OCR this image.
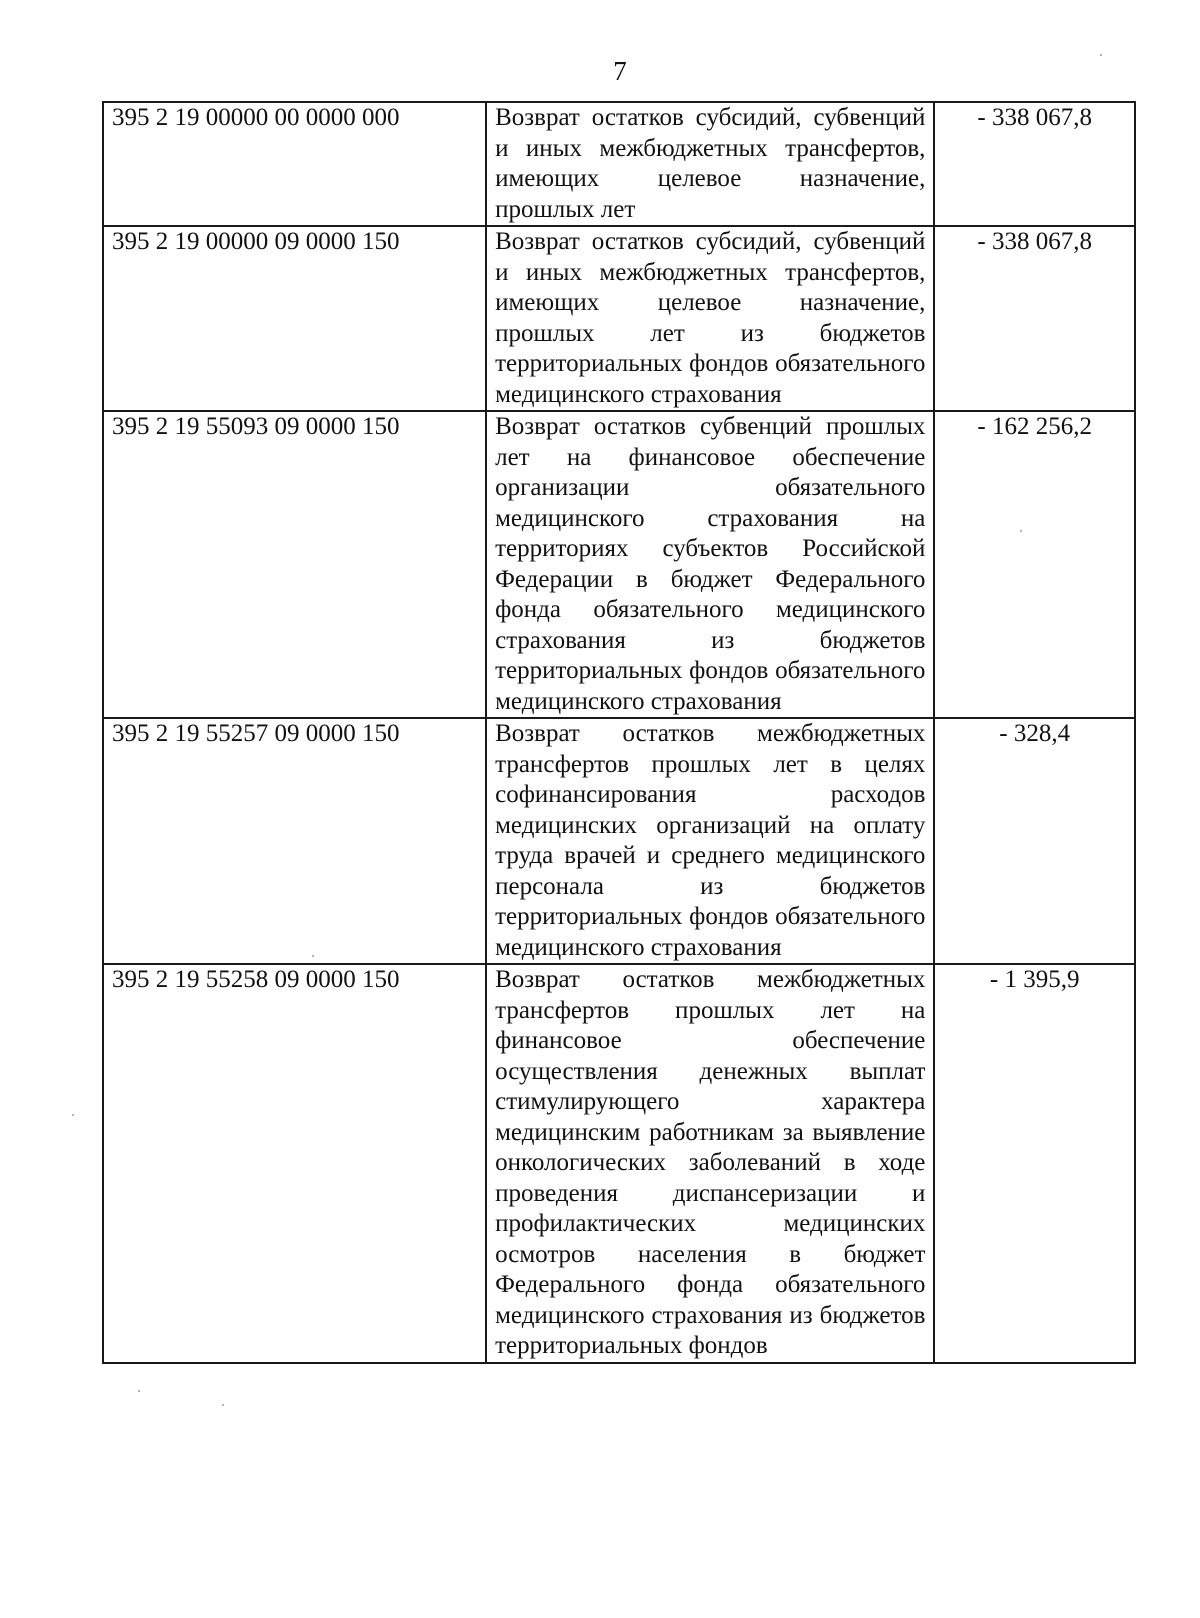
7
395 2 19 00000 00 0000 000	Возврат остатков субсидий, субвенций и иных межбюджетных трансфертов, имеющих целевое назначение, прошлых лет	- 338 067,8
395 2 19 00000 09 0000 150	Возврат остатков субсидий, субвенций и иных межбюджетных трансфертов, имеющих целевое назначение, прошлых лет из бюджетов территориальных фондов обязательного медицинского страхования	- 338 067,8
395 2 19 55093 09 0000 150	Возврат остатков субвенций прошлых лет на финансовое обеспечение организации обязательного медицинского страхования на территориях субъектов Российской Федерации в бюджет Федерального фонда обязательного медицинского страхования из бюджетов территориальных фондов обязательного медицинского страхования	- 162 256,2
395 2 19 55257 09 0000 150	Возврат остатков межбюджетных трансфертов прошлых лет в целях софинансирования расходов медицинских организаций на оплату труда врачей и среднего медицинского персонала из бюджетов территориальных фондов обязательного медицинского страхования	- 328,4
395 2 19 55258 09 0000 150	Возврат остатков межбюджетных трансфертов прошлых лет на финансовое обеспечение осуществления денежных выплат стимулирующего характера медицинским работникам за выявление онкологических заболеваний в ходе проведения диспансеризации и профилактических медицинских осмотров населения в бюджет Федерального фонда обязательного медицинского страхования из бюджетов территориальных фондов	- 1 395,9
